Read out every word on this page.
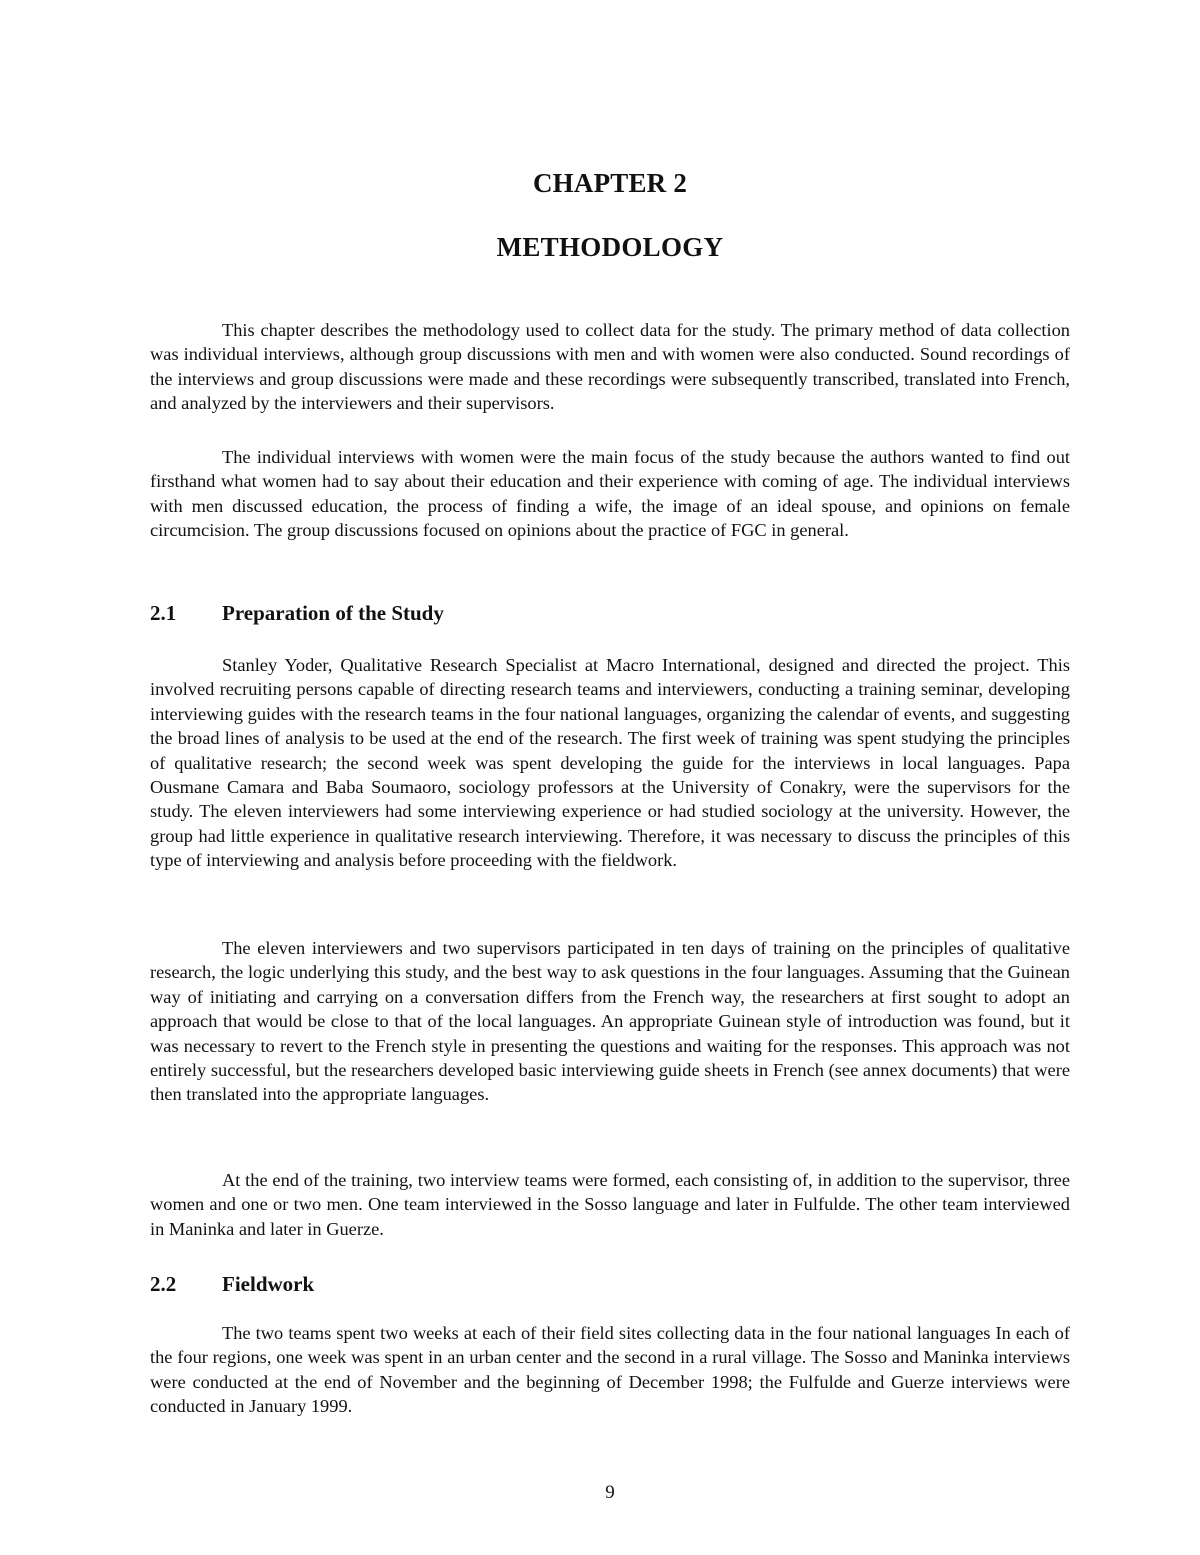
CHAPTER 2
METHODOLOGY

This chapter describes the methodology used to collect data for the study. The primary method of data collection was individual interviews, although group discussions with men and with women were also conducted. Sound recordings of the interviews and group discussions were made and these recordings were subsequently transcribed, translated into French, and analyzed by the interviewers and their supervisors.

The individual interviews with women were the main focus of the study because the authors wanted to find out firsthand what women had to say about their education and their experience with coming of age. The individual interviews with men discussed education, the process of finding a wife, the image of an ideal spouse, and opinions on female circumcision. The group discussions focused on opinions about the practice of FGC in general.

2.1 Preparation of the Study

Stanley Yoder, Qualitative Research Specialist at Macro International, designed and directed the project. This involved recruiting persons capable of directing research teams and interviewers, conducting a training seminar, developing interviewing guides with the research teams in the four national languages, organizing the calendar of events, and suggesting the broad lines of analysis to be used at the end of the research. The first week of training was spent studying the principles of qualitative research; the second week was spent developing the guide for the interviews in local languages. Papa Ousmane Camara and Baba Soumaoro, sociology professors at the University of Conakry, were the supervisors for the study. The eleven interviewers had some interviewing experience or had studied sociology at the university. However, the group had little experience in qualitative research interviewing. Therefore, it was necessary to discuss the principles of this type of interviewing and analysis before proceeding with the fieldwork.

The eleven interviewers and two supervisors participated in ten days of training on the principles of qualitative research, the logic underlying this study, and the best way to ask questions in the four languages. Assuming that the Guinean way of initiating and carrying on a conversation differs from the French way, the researchers at first sought to adopt an approach that would be close to that of the local languages. An appropriate Guinean style of introduction was found, but it was necessary to revert to the French style in presenting the questions and waiting for the responses. This approach was not entirely successful, but the researchers developed basic interviewing guide sheets in French (see annex documents) that were then translated into the appropriate languages.

At the end of the training, two interview teams were formed, each consisting of, in addition to the supervisor, three women and one or two men. One team interviewed in the Sosso language and later in Fulfulde. The other team interviewed in Maninka and later in Guerze.

2.2 Fieldwork

The two teams spent two weeks at each of their field sites collecting data in the four national languages In each of the four regions, one week was spent in an urban center and the second in a rural village. The Sosso and Maninka interviews were conducted at the end of November and the beginning of December 1998; the Fulfulde and Guerze interviews were conducted in January 1999.

9
